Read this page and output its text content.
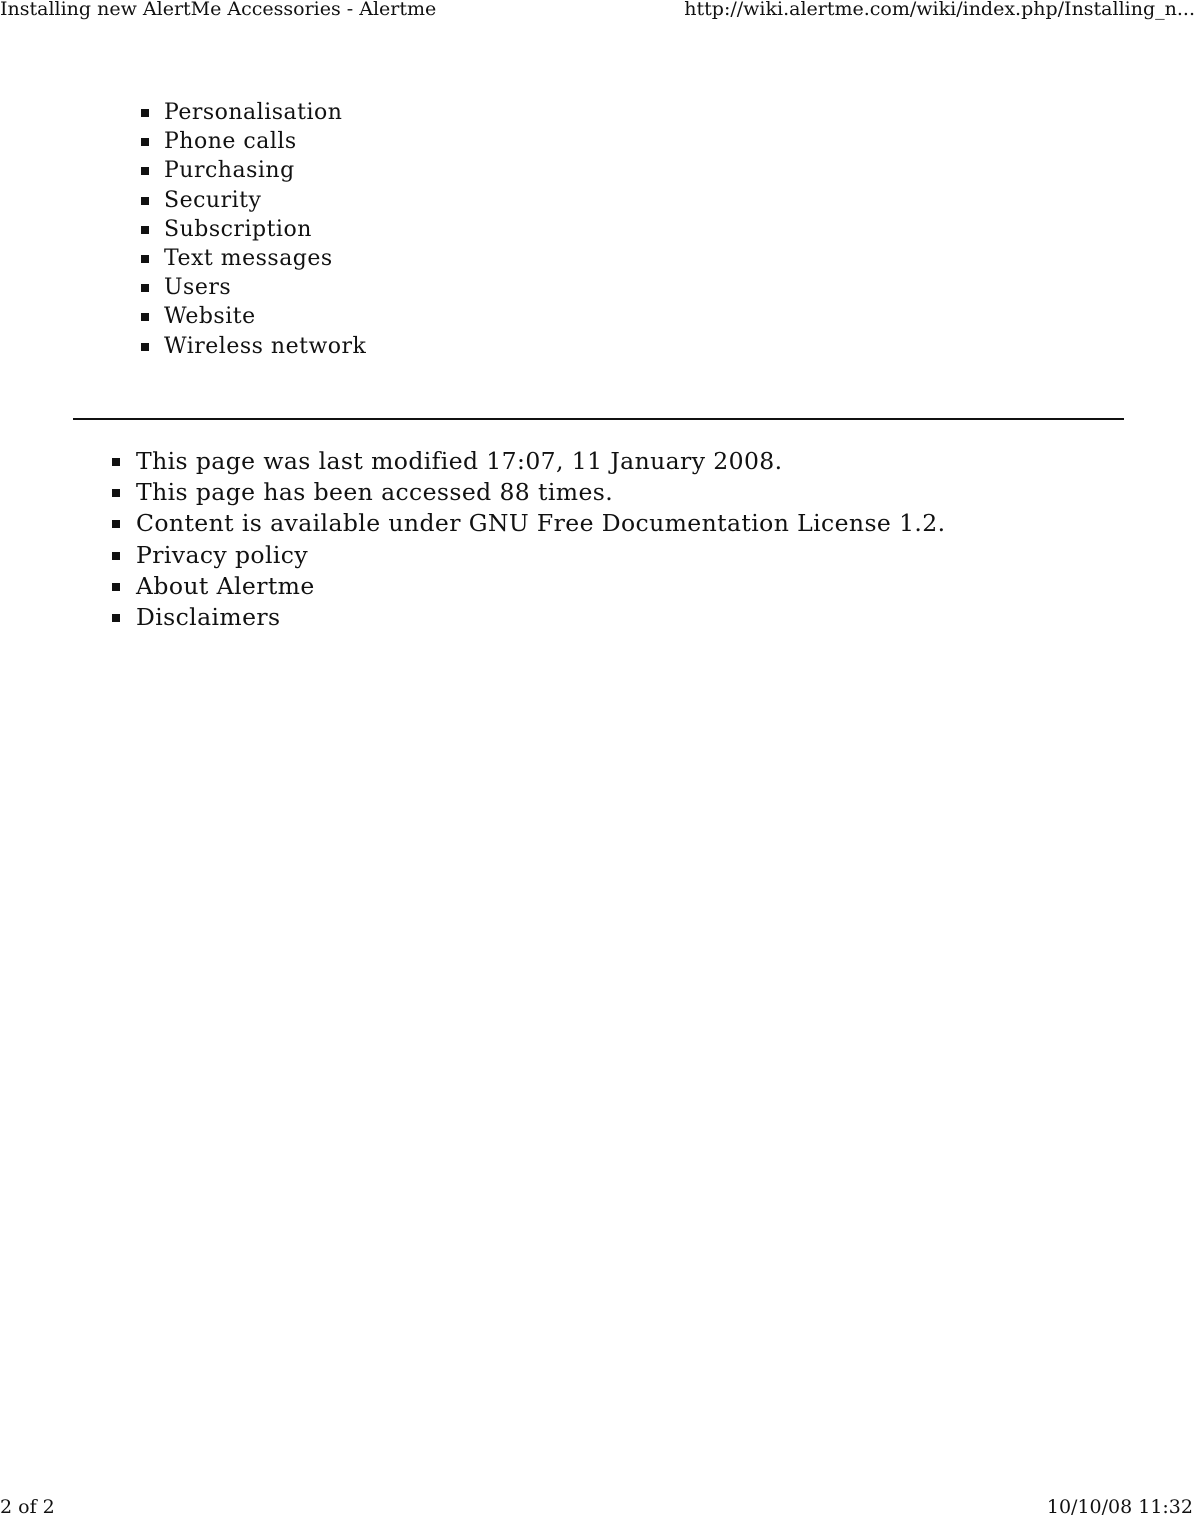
Installing new AlertMe Accessories - Alertme	http://wiki.alertme.com/wiki/index.php/Installing_n...
Personalisation
Phone calls
Purchasing
Security
Subscription
Text messages
Users
Website
Wireless network
This page was last modified 17:07, 11 January 2008.
This page has been accessed 88 times.
Content is available under GNU Free Documentation License 1.2.
Privacy policy
About Alertme
Disclaimers
2 of 2	10/10/08 11:32
